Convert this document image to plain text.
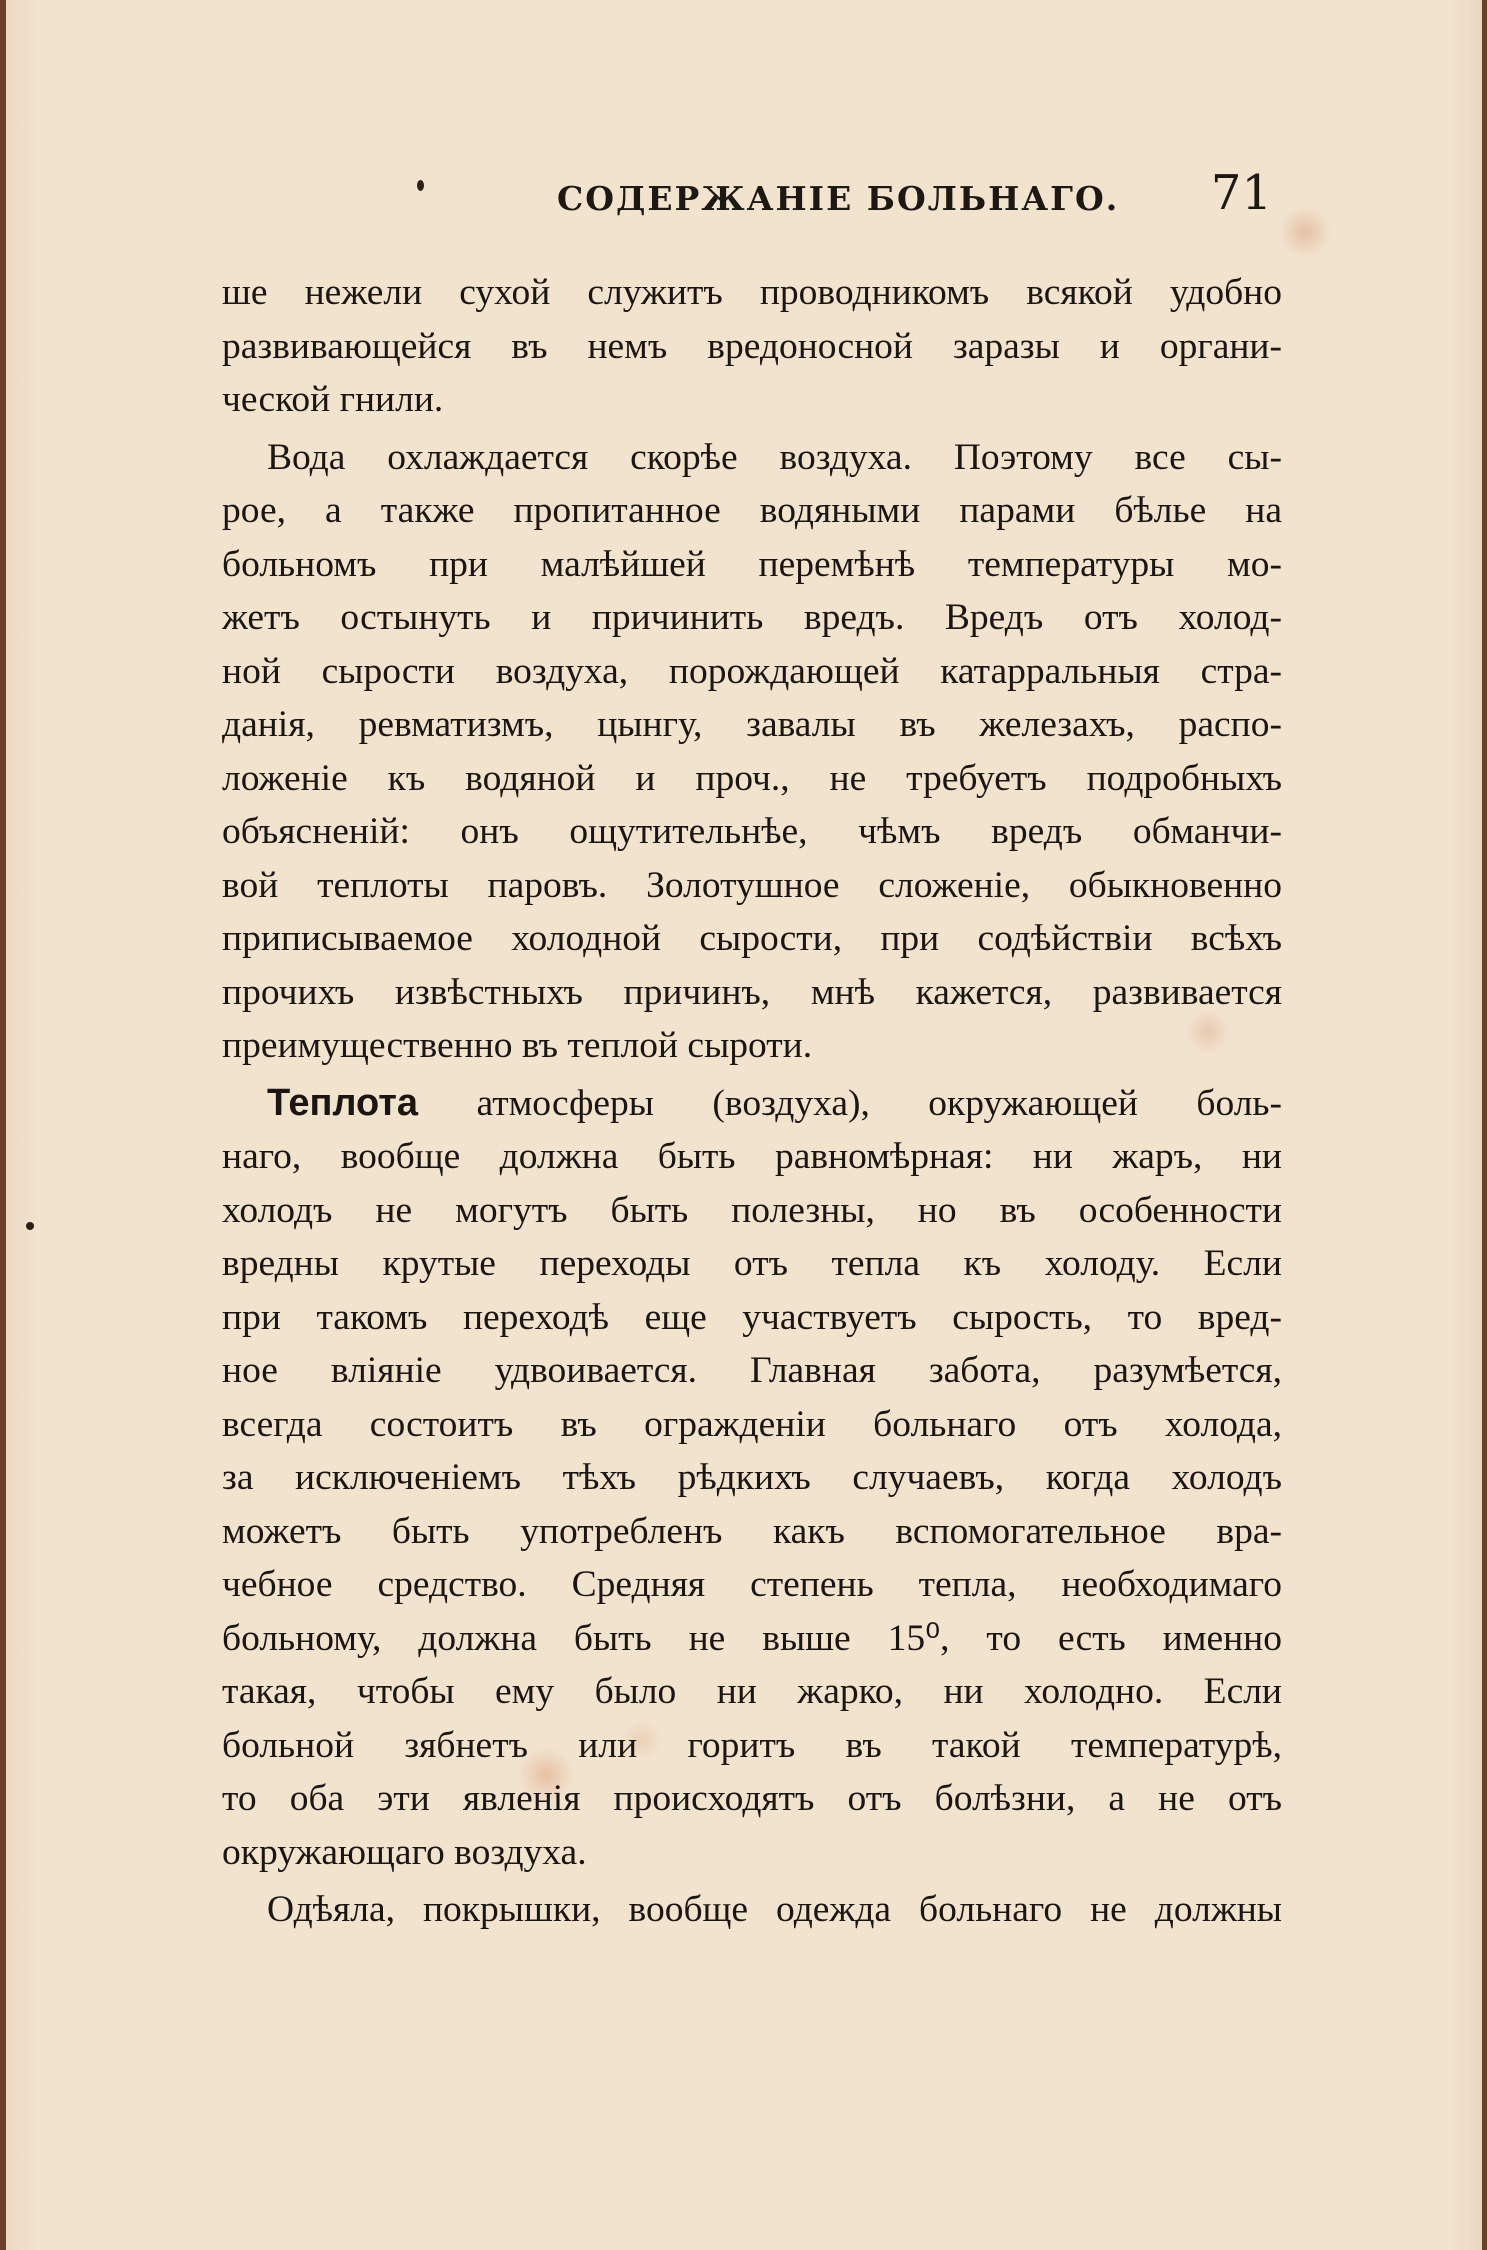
СОДЕРЖАНІЕ БОЛЬНАГО. 71
ше нежели сухой служитъ проводникомъ всякой удобно
развивающейся въ немъ вредоносной заразы и органи-
ческой гнили.
Вода охлаждается скорѣе воздуха. Поэтому все сы-
рое, а также пропитанное водяными парами бѣлье на
больномъ при малѣйшей перемѣнѣ температуры мо-
жетъ остынуть и причинить вредъ. Вредъ отъ холод-
ной сырости воздуха, порождающей катарральныя стра-
данія, ревматизмъ, цынгу, завалы въ железахъ, распо-
ложеніе къ водяной и проч., не требуетъ подробныхъ
объясненій: онъ ощутительнѣе, чѣмъ вредъ обманчи-
вой теплоты паровъ. Золотушное сложеніе, обыкновенно
приписываемое холодной сырости, при содѣйствіи всѣхъ
прочихъ извѣстныхъ причинъ, мнѣ кажется, развивается
преимущественно въ теплой сыроти.
Теплота атмосферы (воздуха), окружающей боль-
наго, вообще должна быть равномѣрная: ни жаръ, ни
холодъ не могутъ быть полезны, но въ особенности
вредны крутые переходы отъ тепла къ холоду. Если
при такомъ переходѣ еще участвуетъ сырость, то вред-
ное вліяніе удвоивается. Главная забота, разумѣется,
всегда состоитъ въ огражденіи больнаго отъ холода,
за исключеніемъ тѣхъ рѣдкихъ случаевъ, когда холодъ
можетъ быть употребленъ какъ вспомогательное вра-
чебное средство. Средняя степень тепла, необходимаго
больному, должна быть не выше 15⁰, то есть именно
такая, чтобы ему было ни жарко, ни холодно. Если
больной зябнетъ или горитъ въ такой температурѣ,
то оба эти явленія происходятъ отъ болѣзни, а не отъ
окружающаго воздуха.
Одѣяла, покрышки, вообще одежда больнаго не должны
